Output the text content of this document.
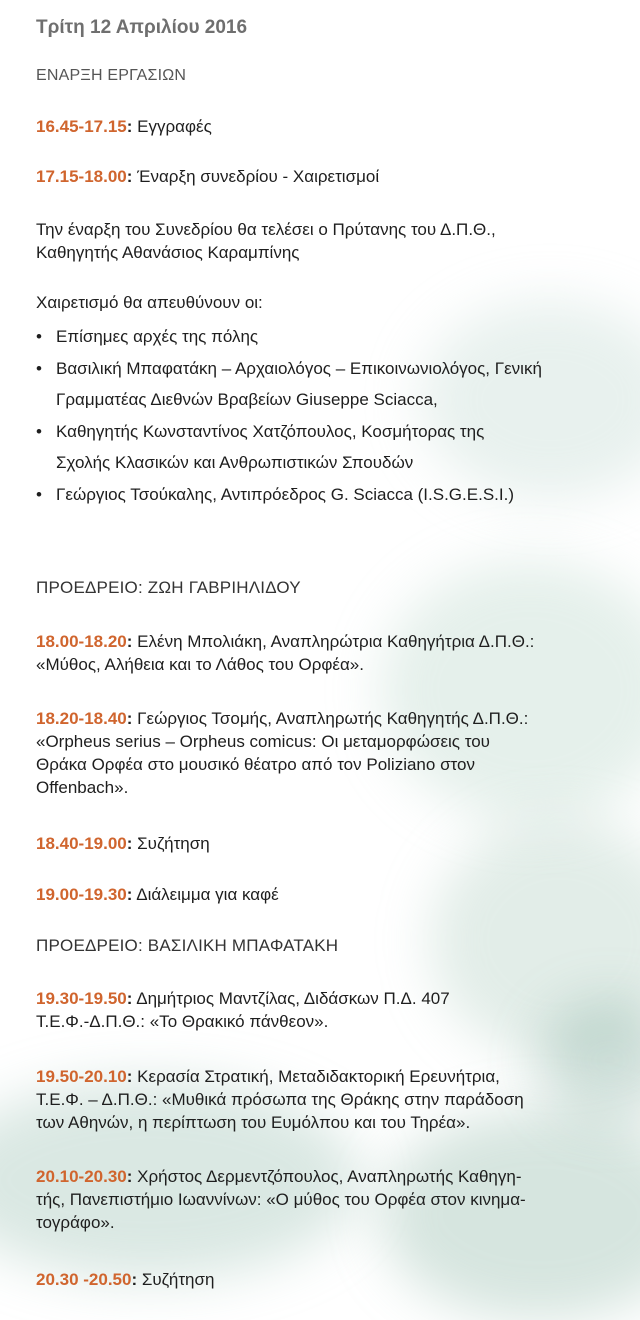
Τρίτη 12 Απριλίου 2016
ΕΝΑΡΞΗ ΕΡΓΑΣΙΩΝ
16.45-17.15: Εγγραφές
17.15-18.00: Έναρξη συνεδρίου - Χαιρετισμοί
Την έναρξη του Συνεδρίου θα τελέσει ο Πρύτανης του Δ.Π.Θ.,
Καθηγητής Αθανάσιος Καραμπίνης
Χαιρετισμό θα απευθύνουν οι:
• Επίσημες αρχές της πόλης
• Βασιλική Μπαφατάκη – Αρχαιολόγος – Επικοινωνιολόγος, Γενική
Γραμματέας Διεθνών Βραβείων Giuseppe Sciacca,
• Καθηγητής Κωνσταντίνος Χατζόπουλος, Κοσμήτορας της
Σχολής Κλασικών και Ανθρωπιστικών Σπουδών
• Γεώργιος Τσούκαλης, Αντιπρόεδρος G. Sciacca (I.S.G.E.S.I.)
ΠΡΟΕΔΡΕΙΟ: ΖΩΗ ΓΑΒΡΙΗΛΙΔΟΥ
18.00-18.20: Ελένη Μπολιάκη, Αναπληρώτρια Καθηγήτρια Δ.Π.Θ.:
«Μύθος, Αλήθεια και το Λάθος του Ορφέα».
18.20-18.40: Γεώργιος Τσομής, Αναπληρωτής Καθηγητής Δ.Π.Θ.:
«Orpheus serius – Orpheus comicus: Οι μεταμορφώσεις του
Θράκα Ορφέα στο μουσικό θέατρο από τον Poliziano στον
Offenbach».
18.40-19.00: Συζήτηση
19.00-19.30: Διάλειμμα για καφέ
ΠΡΟΕΔΡΕΙΟ: ΒΑΣΙΛΙΚΗ ΜΠΑΦΑΤΑΚΗ
19.30-19.50: Δημήτριος Μαντζίλας, Διδάσκων Π.Δ. 407
Τ.Ε.Φ.-Δ.Π.Θ.: «Το Θρακικό πάνθεον».
19.50-20.10: Κερασία Στρατική, Μεταδιδακτορική Ερευνήτρια,
Τ.Ε.Φ. – Δ.Π.Θ.: «Μυθικά πρόσωπα της Θράκης στην παράδοση
των Αθηνών, η περίπτωση του Ευμόλπου και του Τηρέα».
20.10-20.30: Χρήστος Δερμεντζόπουλος, Αναπληρωτής Καθηγη-
τής, Πανεπιστήμιο Ιωαννίνων: «Ο μύθος του Ορφέα στον κινημα-
τογράφο».
20.30 -20.50: Συζήτηση
